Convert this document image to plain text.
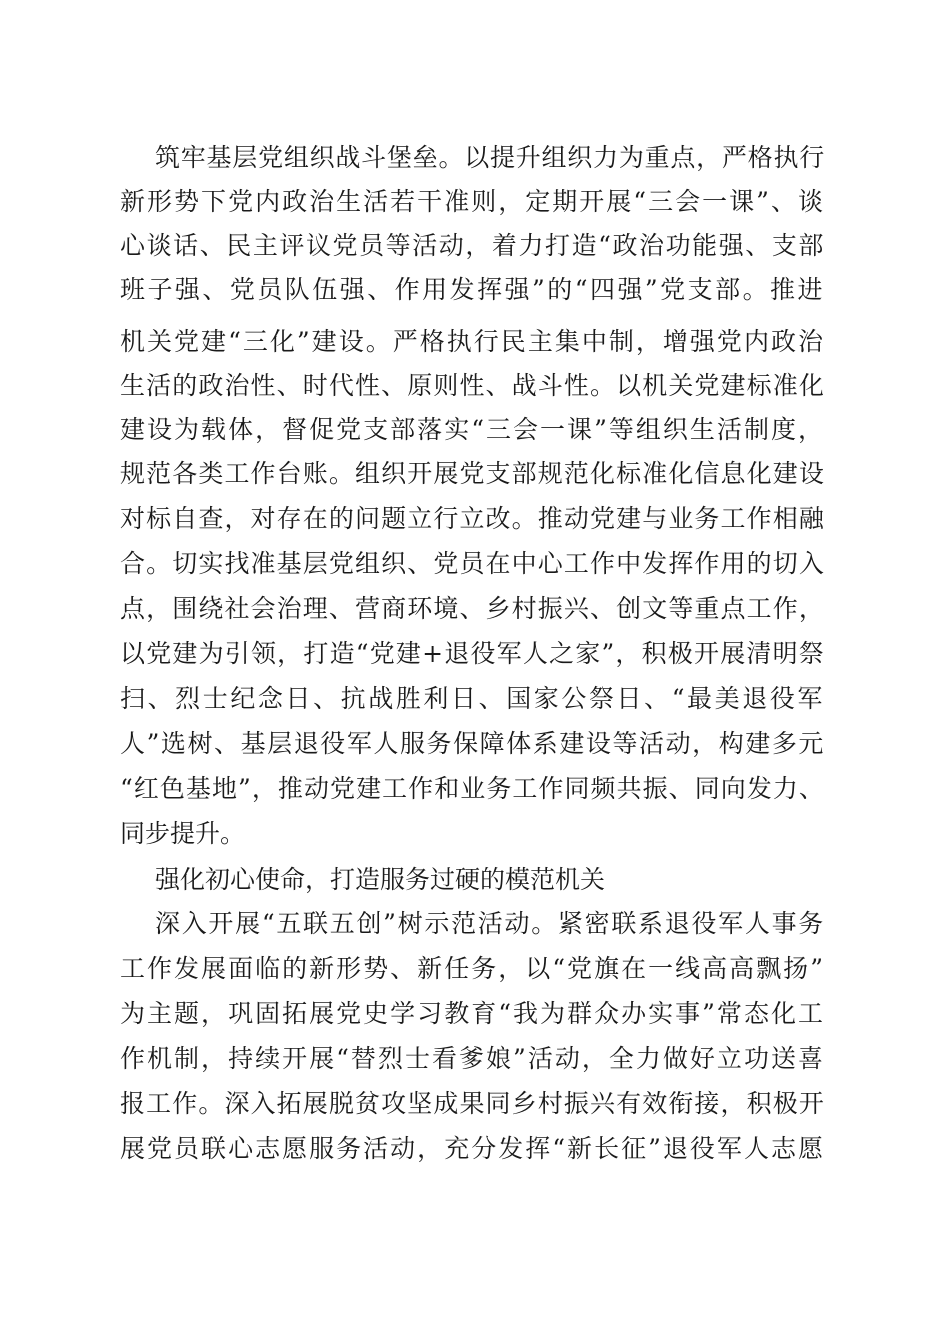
筑牢基层党组织战斗堡垒。以提升组织力为重点，严格执行
新形势下党内政治生活若干准则，定期开展“三会一课”、谈
心谈话、民主评议党员等活动，着力打造“政治功能强、支部
班子强、党员队伍强、作用发挥强”的“四强”党支部。推进
机关党建“三化”建设。严格执行民主集中制，增强党内政治
生活的政治性、时代性、原则性、战斗性。以机关党建标准化
建设为载体，督促党支部落实“三会一课”等组织生活制度，
规范各类工作台账。组织开展党支部规范化标准化信息化建设
对标自查，对存在的问题立行立改。推动党建与业务工作相融
合。切实找准基层党组织、党员在中心工作中发挥作用的切入
点，围绕社会治理、营商环境、乡村振兴、创文等重点工作，
以党建为引领，打造“党建+退役军人之家”，积极开展清明祭
扫、烈士纪念日、抗战胜利日、国家公祭日、“最美退役军
人”选树、基层退役军人服务保障体系建设等活动，构建多元
“红色基地”，推动党建工作和业务工作同频共振、同向发力、
同步提升。
强化初心使命，打造服务过硬的模范机关
深入开展“五联五创”树示范活动。紧密联系退役军人事务
工作发展面临的新形势、新任务，以“党旗在一线高高飘扬”
为主题，巩固拓展党史学习教育“我为群众办实事”常态化工
作机制，持续开展“替烈士看爹娘”活动，全力做好立功送喜
报工作。深入拓展脱贫攻坚成果同乡村振兴有效衔接，积极开
展党员联心志愿服务活动，充分发挥“新长征”退役军人志愿
